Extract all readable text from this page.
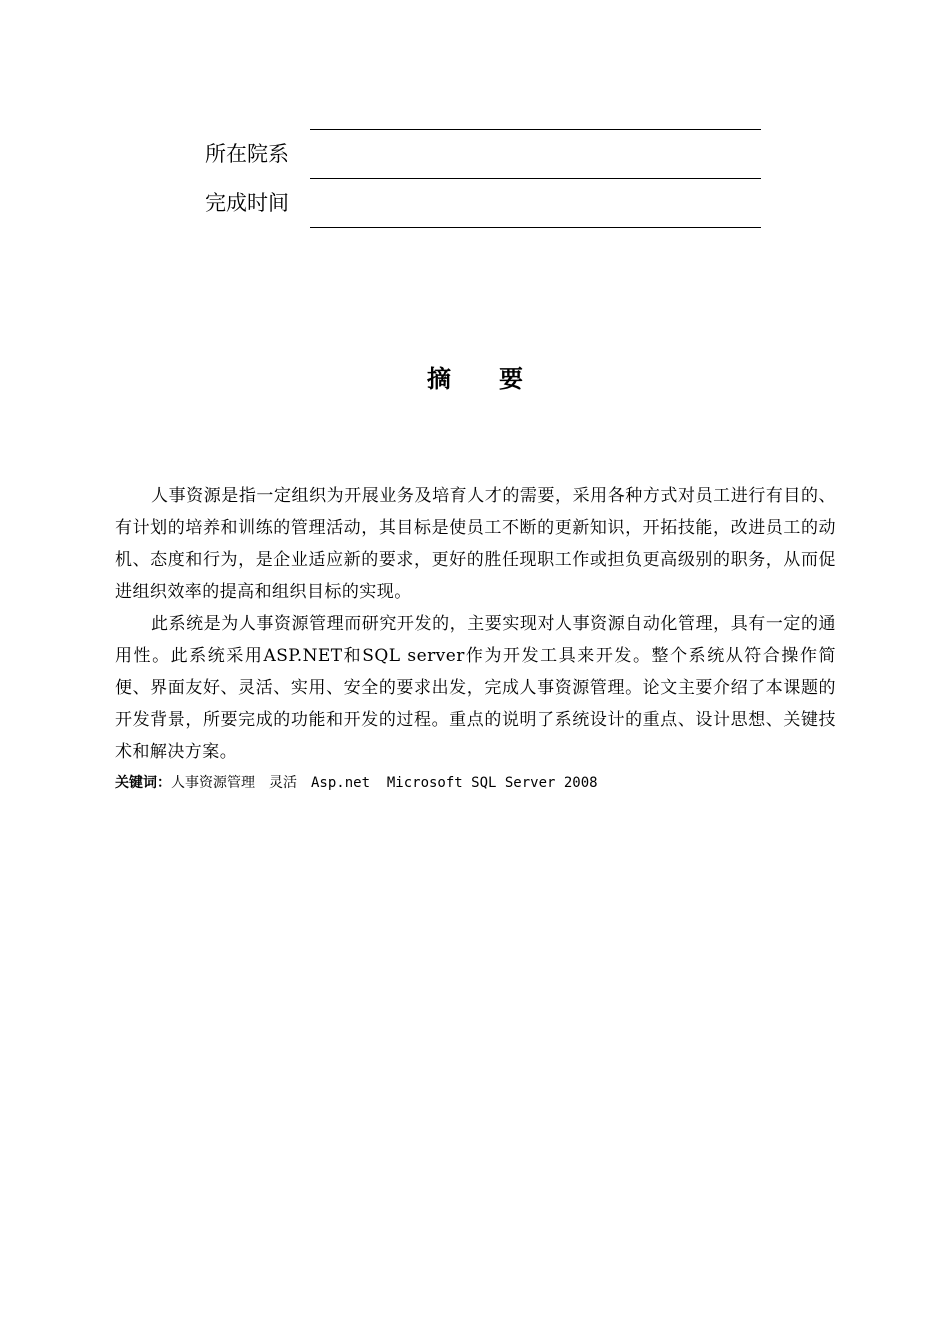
所在院系
完成时间
摘　　要

人事资源是指一定组织为开展业务及培育人才的需要，采用各种方式对员工进行有目的、有计划的培养和训练的管理活动，其目标是使员工不断的更新知识，开拓技能，改进员工的动机、态度和行为，是企业适应新的要求，更好的胜任现职工作或担负更高级别的职务，从而促进组织效率的提高和组织目标的实现。

此系统是为人事资源管理而研究开发的，主要实现对人事资源自动化管理，具有一定的通用性。此系统采用ASP.NET和SQL server作为开发工具来开发。整个系统从符合操作简便、界面友好、灵活、实用、安全的要求出发，完成人事资源管理。论文主要介绍了本课题的开发背景，所要完成的功能和开发的过程。重点的说明了系统设计的重点、设计思想、关键技术和解决方案。

关键词：人事资源管理　灵活　Asp.net  Microsoft SQL Server 2008
